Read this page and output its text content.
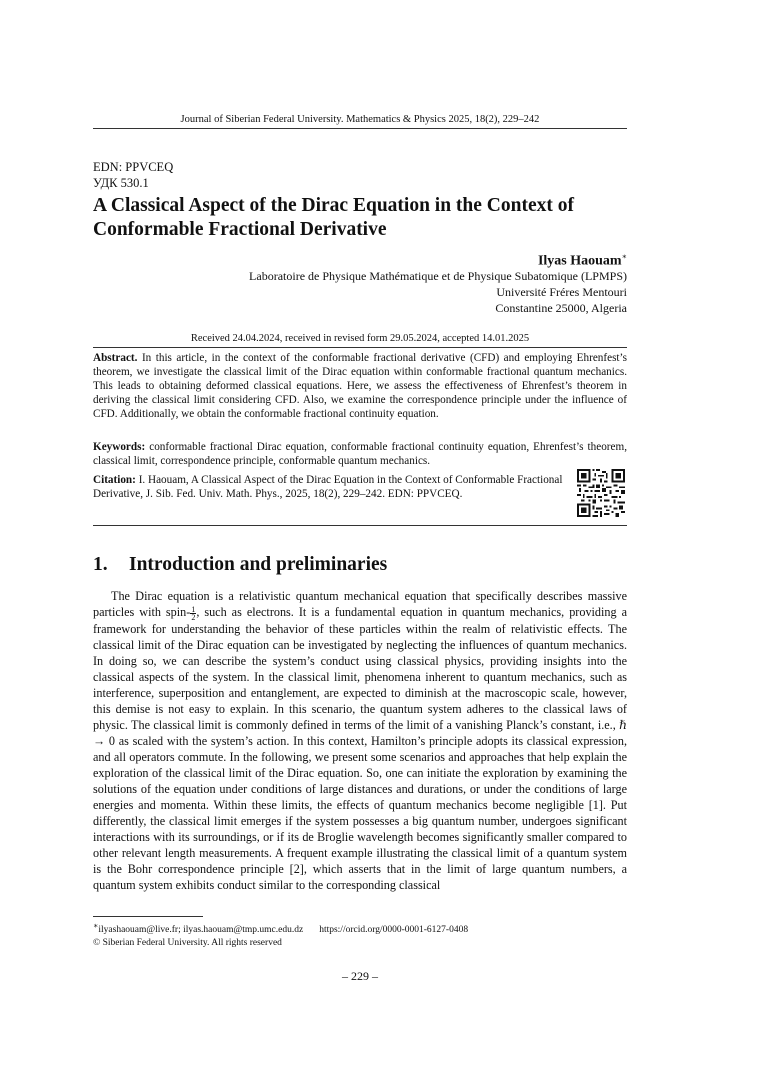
Journal of Siberian Federal University. Mathematics & Physics 2025, 18(2), 229–242
EDN: PPVCEQ
УДК 530.1
A Classical Aspect of the Dirac Equation in the Context of Conformable Fractional Derivative
Ilyas Haouam∗
Laboratoire de Physique Mathématique et de Physique Subatomique (LPMPS)
Université Fréres Mentouri
Constantine 25000, Algeria
Received 24.04.2024, received in revised form 29.05.2024, accepted 14.01.2025
Abstract. In this article, in the context of the conformable fractional derivative (CFD) and employing Ehrenfest’s theorem, we investigate the classical limit of the Dirac equation within conformable fractional quantum mechanics. This leads to obtaining deformed classical equations. Here, we assess the effectiveness of Ehrenfest’s theorem in deriving the classical limit considering CFD. Also, we examine the correspondence principle under the influence of CFD. Additionally, we obtain the conformable fractional continuity equation.
Keywords: conformable fractional Dirac equation, conformable fractional continuity equation, Ehrenfest’s theorem, classical limit, correspondence principle, conformable quantum mechanics.
Citation: I. Haouam, A Classical Aspect of the Dirac Equation in the Context of Conformable Fractional Derivative, J. Sib. Fed. Univ. Math. Phys., 2025, 18(2), 229–242. EDN: PPVCEQ.
1. Introduction and preliminaries
The Dirac equation is a relativistic quantum mechanical equation that specifically describes massive particles with spin- $\frac{1}{2}$ , such as electrons. It is a fundamental equation in quantum mechanics, providing a framework for understanding the behavior of these particles within the realm of relativistic effects. The classical limit of the Dirac equation can be investigated by neglecting the influences of quantum mechanics. In doing so, we can describe the system’s conduct using classical physics, providing insights into the classical aspects of the system. In the classical limit, phenomena inherent to quantum mechanics, such as interference, superposition and entanglement, are expected to diminish at the macroscopic scale, however, this demise is not easy to explain. In this scenario, the quantum system adheres to the classical laws of physic. The classical limit is commonly defined in terms of the limit of a vanishing Planck’s constant, i.e., ℏ → 0 as scaled with the system’s action. In this context, Hamilton’s principle adopts its classical expression, and all operators commute. In the following, we present some scenarios and approaches that help explain the exploration of the classical limit of the Dirac equation. So, one can initiate the exploration by examining the solutions of the equation under conditions of large distances and durations, or under the conditions of large energies and momenta. Within these limits, the effects of quantum mechanics become negligible [1]. Put differently, the classical limit emerges if the system possesses a big quantum number, undergoes significant interactions with its surroundings, or if its de Broglie wavelength becomes significantly smaller compared to other relevant length measurements. A frequent example illustrating the classical limit of a quantum system is the Bohr correspondence principle [2], which asserts that in the limit of large quantum numbers, a quantum system exhibits conduct similar to the corresponding classical
∗ilyashaouam@live.fr; ilyas.haouam@tmp.umc.edu.dz https://orcid.org/0000-0001-6127-0408
© Siberian Federal University. All rights reserved
– 229 –
